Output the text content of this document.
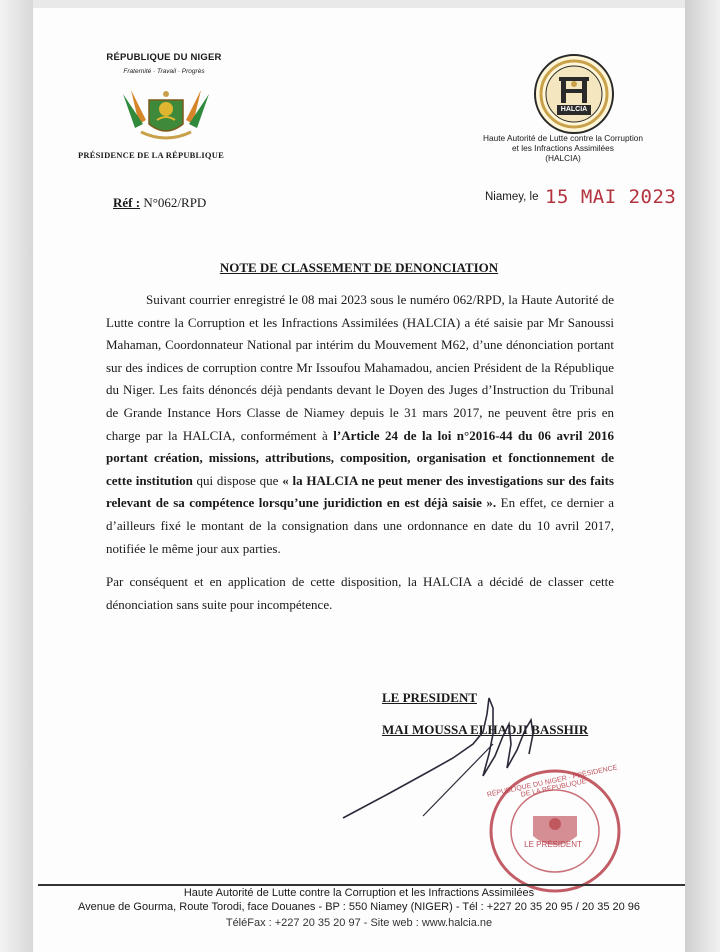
RÉPUBLIQUE DU NIGER
Fraternité · Travail · Progrès
PRÉSIDENCE DE LA RÉPUBLIQUE
HALCIA
Haute Autorité de Lutte contre la Corruption
et les Infractions Assimilées
(HALCIA)
Réf : N°062/RPD	Niamey, le 15 MAI 2023
NOTE DE CLASSEMENT DE DENONCIATION

Suivant courrier enregistré le 08 mai 2023 sous le numéro 062/RPD, la Haute Autorité de Lutte contre la Corruption et les Infractions Assimilées (HALCIA) a été saisie par Mr Sanoussi Mahaman, Coordonnateur National par intérim du Mouvement M62, d’une dénonciation portant sur des indices de corruption contre Mr Issoufou Mahamadou, ancien Président de la République du Niger. Les faits dénoncés déjà pendants devant le Doyen des Juges d’Instruction du Tribunal de Grande Instance Hors Classe de Niamey depuis le 31 mars 2017, ne peuvent être pris en charge par la HALCIA, conformément à l’Article 24 de la loi n°2016-44 du 06 avril 2016 portant création, missions, attributions, composition, organisation et fonctionnement de cette institution qui dispose que « la HALCIA ne peut mener des investigations sur des faits relevant de sa compétence lorsqu’une juridiction en est déjà saisie ». En effet, ce dernier a d’ailleurs fixé le montant de la consignation dans une ordonnance en date du 10 avril 2017, notifiée le même jour aux parties.

Par conséquent et en application de cette disposition, la HALCIA a décidé de classer cette dénonciation sans suite pour incompétence.

LE PRESIDENT
MAI MOUSSA ELHADJI BASSHIR
RÉPUBLIQUE DU NIGER · PRÉSIDENCE DE LA RÉPUBLIQUE
LE PRÉSIDENT
Haute Autorité de Lutte contre la Corruption et les Infractions Assimilées
Avenue de Gourma, Route Torodi, face Douanes - BP : 550 Niamey (NIGER) - Tél : +227 20 35 20 95 / 20 35 20 96
TéléFax : +227 20 35 20 97 - Site web : www.halcia.ne
